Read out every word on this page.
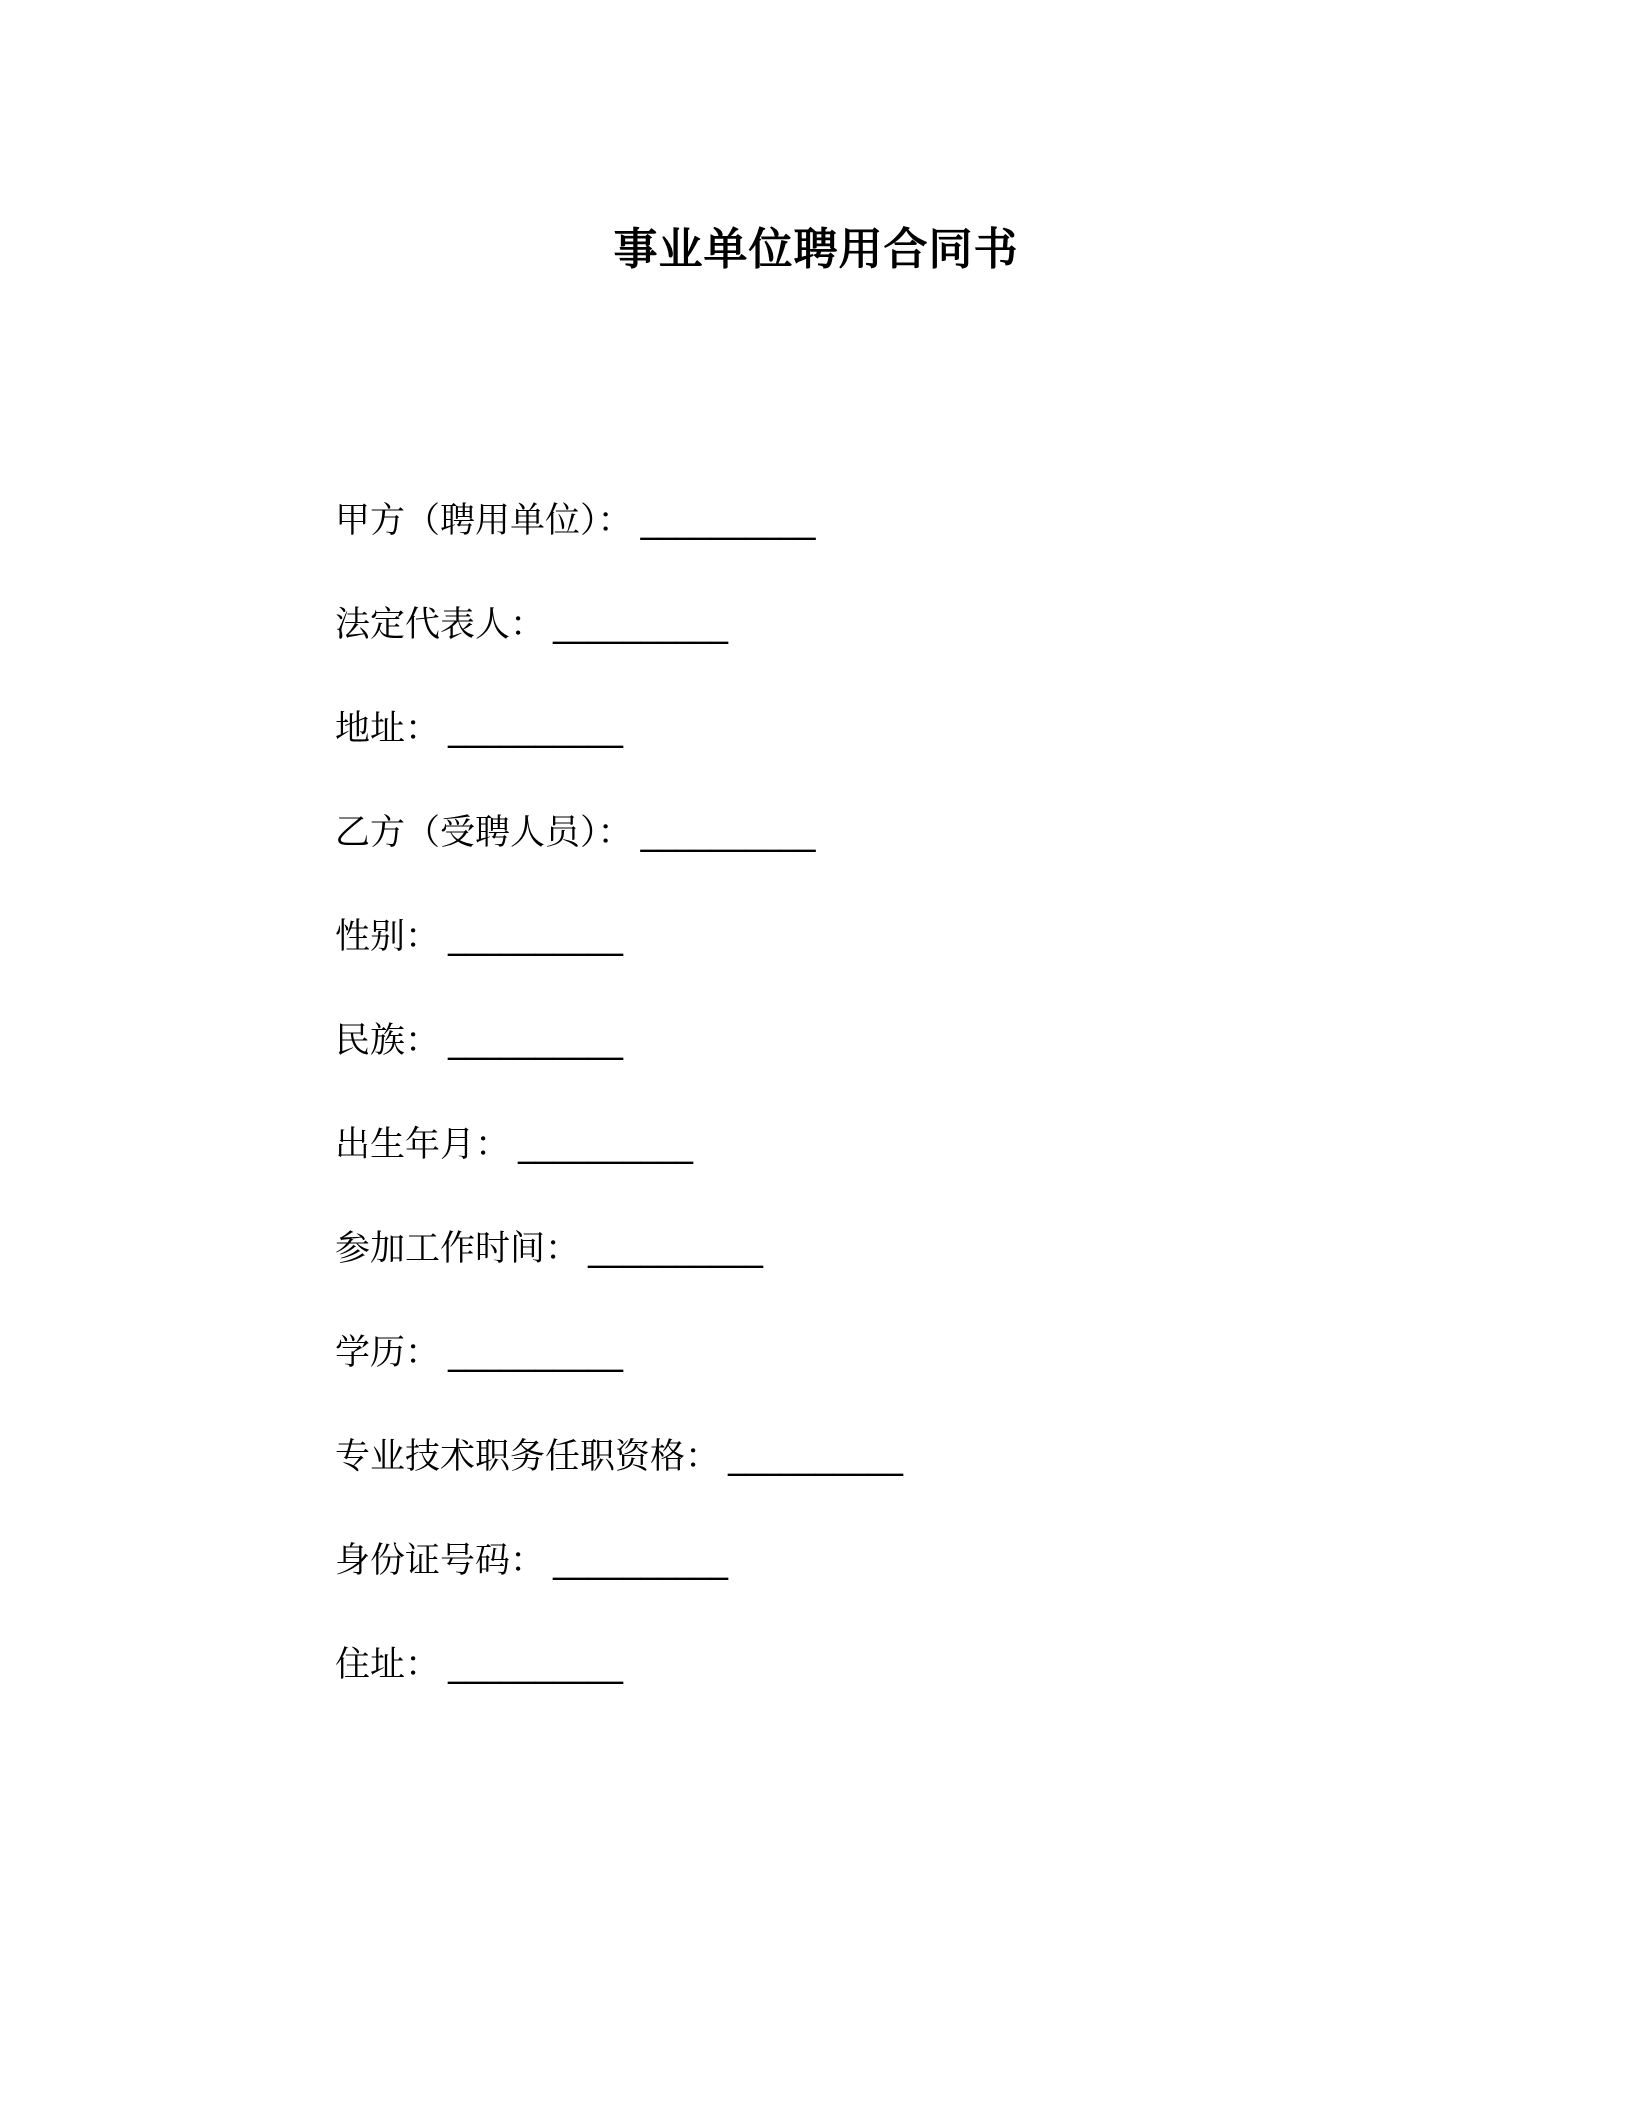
事业单位聘用合同书
甲方（聘用单位）： __________
法定代表人： __________
地址： __________
乙方（受聘人员）： __________
性别： __________
民族： __________
出生年月： __________
参加工作时间： __________
学历： __________
专业技术职务任职资格： __________
身份证号码： __________
住址： __________
